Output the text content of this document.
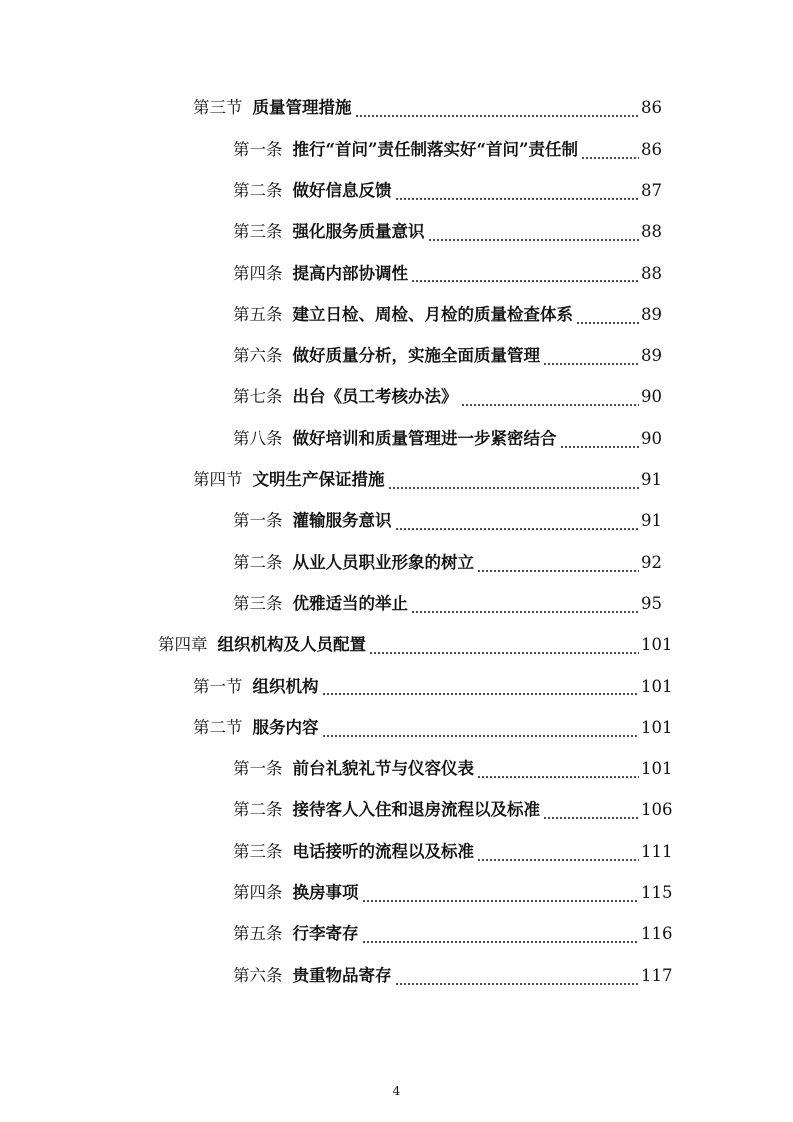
第三节 质量管理措施	86
第一条 推行“首问”责任制落实好“首问”责任制	86
第二条 做好信息反馈	87
第三条 强化服务质量意识	88
第四条 提高内部协调性	88
第五条 建立日检、周检、月检的质量检查体系	89
第六条 做好质量分析，实施全面质量管理	89
第七条 出台《员工考核办法》	90
第八条 做好培训和质量管理进一步紧密结合	90
第四节 文明生产保证措施	91
第一条 灌输服务意识	91
第二条 从业人员职业形象的树立	92
第三条 优雅适当的举止	95
第四章 组织机构及人员配置	101
第一节 组织机构	101
第二节 服务内容	101
第一条 前台礼貌礼节与仪容仪表	101
第二条 接待客人入住和退房流程以及标准	106
第三条 电话接听的流程以及标准	111
第四条 换房事项	115
第五条 行李寄存	116
第六条 贵重物品寄存	117
4
